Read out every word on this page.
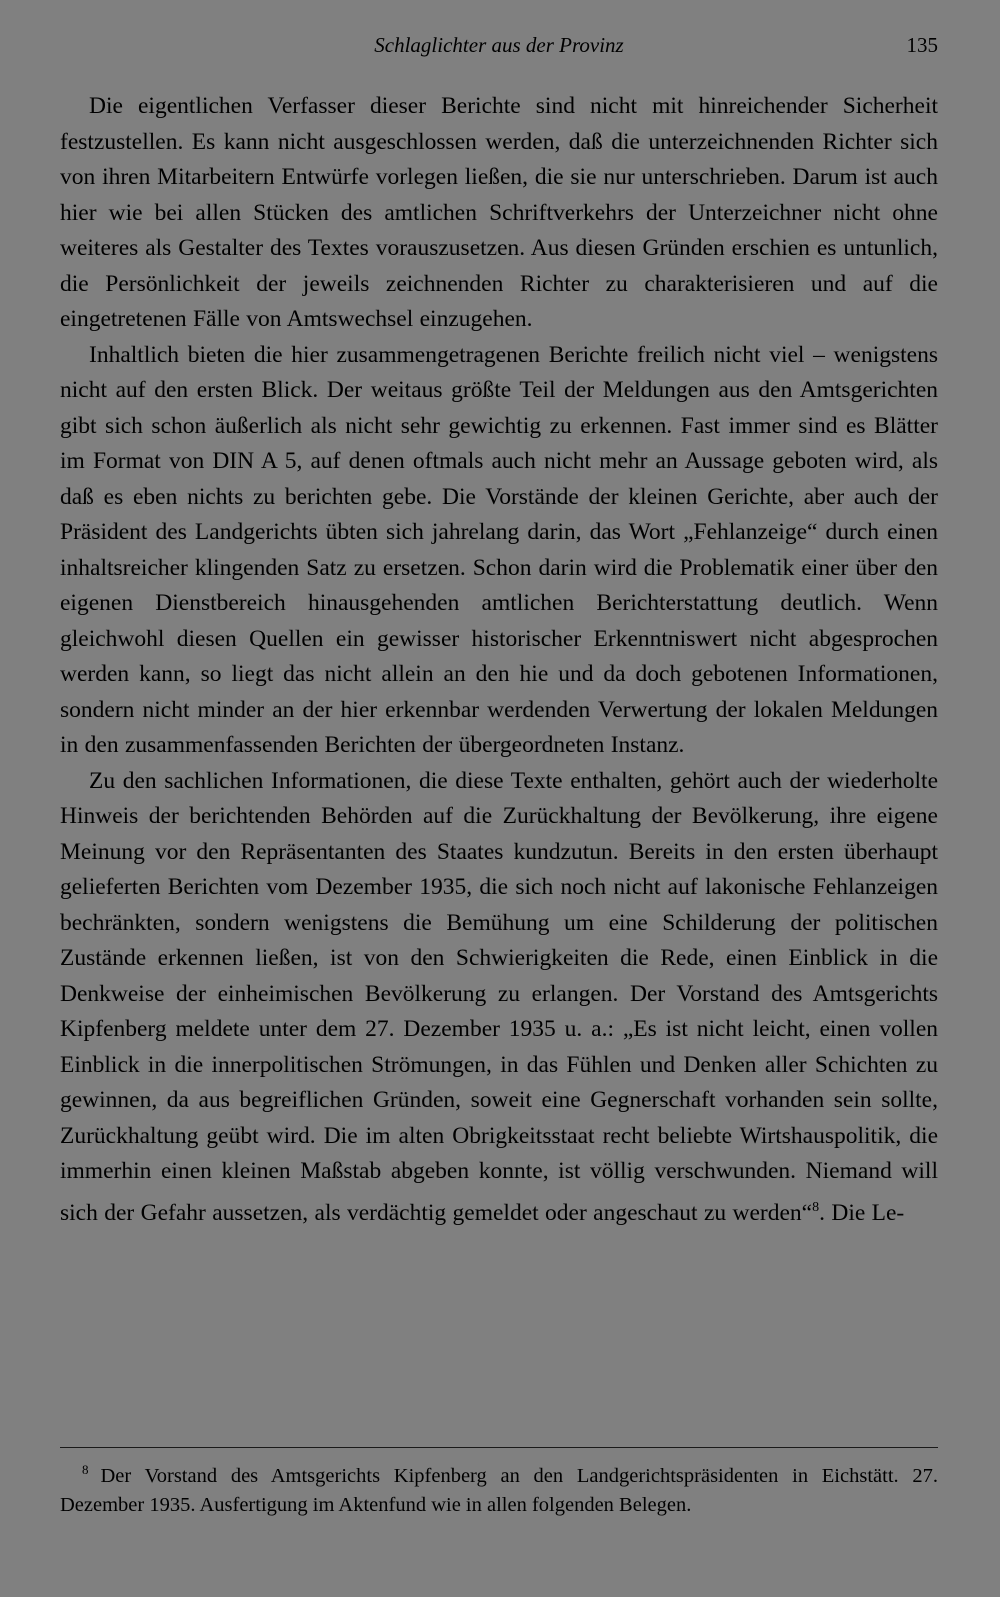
Schlaglichter aus der Provinz	135

Die eigentlichen Verfasser dieser Berichte sind nicht mit hinreichender Sicherheit festzustellen. Es kann nicht ausgeschlossen werden, daß die unterzeichnenden Richter sich von ihren Mitarbeitern Entwürfe vorlegen ließen, die sie nur unterschrieben. Darum ist auch hier wie bei allen Stücken des amtlichen Schriftverkehrs der Unterzeichner nicht ohne weiteres als Gestalter des Textes vorauszusetzen. Aus diesen Gründen erschien es untunlich, die Persönlichkeit der jeweils zeichnenden Richter zu charakterisieren und auf die eingetretenen Fälle von Amtswechsel einzugehen.

Inhaltlich bieten die hier zusammengetragenen Berichte freilich nicht viel – wenigstens nicht auf den ersten Blick. Der weitaus größte Teil der Meldungen aus den Amtsgerichten gibt sich schon äußerlich als nicht sehr gewichtig zu erkennen. Fast immer sind es Blätter im Format von DIN A 5, auf denen oftmals auch nicht mehr an Aussage geboten wird, als daß es eben nichts zu berichten gebe. Die Vorstände der kleinen Gerichte, aber auch der Präsident des Landgerichts übten sich jahrelang darin, das Wort „Fehlanzeige“ durch einen inhaltsreicher klingenden Satz zu ersetzen. Schon darin wird die Problematik einer über den eigenen Dienstbereich hinausgehenden amtlichen Berichterstattung deutlich. Wenn gleichwohl diesen Quellen ein gewisser historischer Erkenntniswert nicht abgesprochen werden kann, so liegt das nicht allein an den hie und da doch gebotenen Informationen, sondern nicht minder an der hier erkennbar werdenden Verwertung der lokalen Meldungen in den zusammenfassenden Berichten der übergeordneten Instanz.

Zu den sachlichen Informationen, die diese Texte enthalten, gehört auch der wiederholte Hinweis der berichtenden Behörden auf die Zurückhaltung der Bevölkerung, ihre eigene Meinung vor den Repräsentanten des Staates kundzutun. Bereits in den ersten überhaupt gelieferten Berichten vom Dezember 1935, die sich noch nicht auf lakonische Fehlanzeigen bechränkten, sondern wenigstens die Bemühung um eine Schilderung der politischen Zustände erkennen ließen, ist von den Schwierigkeiten die Rede, einen Einblick in die Denkweise der einheimischen Bevölkerung zu erlangen. Der Vorstand des Amtsgerichts Kipfenberg meldete unter dem 27. Dezember 1935 u. a.: „Es ist nicht leicht, einen vollen Einblick in die innerpolitischen Strömungen, in das Fühlen und Denken aller Schichten zu gewinnen, da aus begreiflichen Gründen, soweit eine Gegnerschaft vorhanden sein sollte, Zurückhaltung geübt wird. Die im alten Obrigkeitsstaat recht beliebte Wirtshauspolitik, die immerhin einen kleinen Maßstab abgeben konnte, ist völlig verschwunden. Niemand will sich der Gefahr aussetzen, als verdächtig gemeldet oder angeschaut zu werden“$^8$. Die Le-

$^8$ Der Vorstand des Amtsgerichts Kipfenberg an den Landgerichtspräsidenten in Eichstätt. 27. Dezember 1935. Ausfertigung im Aktenfund wie in allen folgenden Belegen.
